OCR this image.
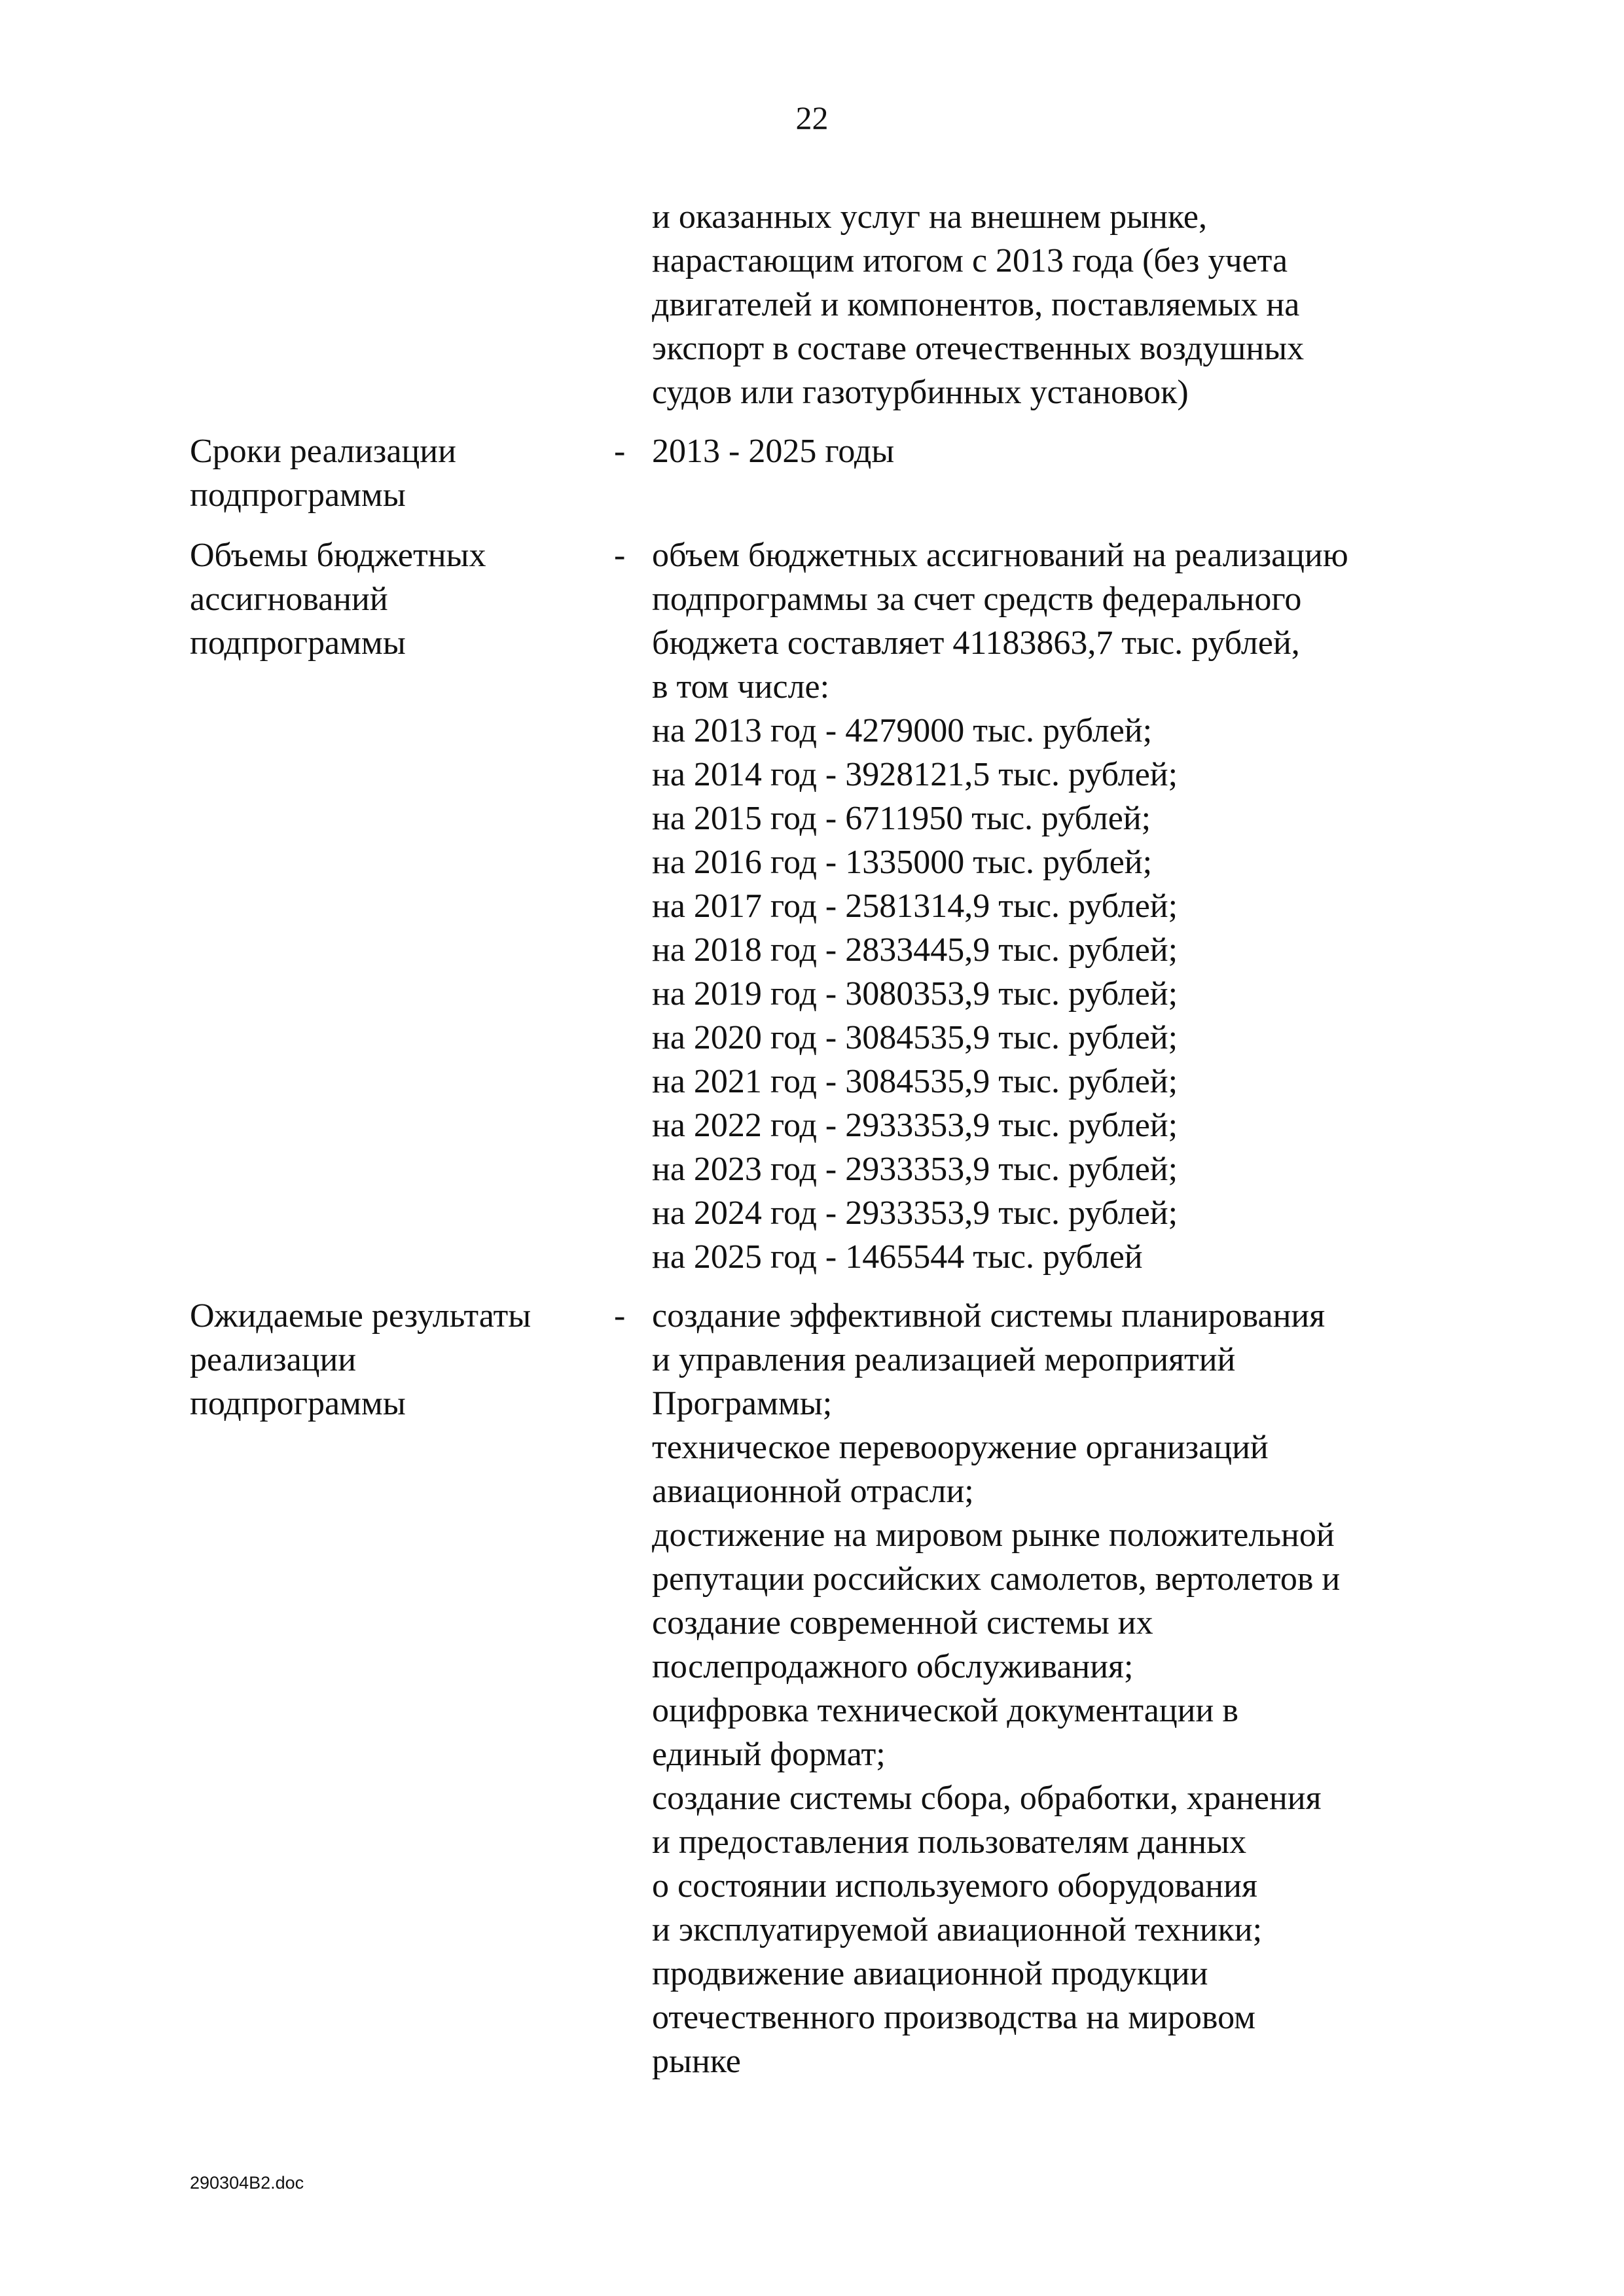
22
и оказанных услуг на внешнем рынке,
нарастающим итогом с 2013 года (без учета
двигателей и компонентов, поставляемых на
экспорт в составе отечественных воздушных
судов или газотурбинных установок)
Сроки реализации
подпрограммы
- 2013 - 2025 годы
Объемы бюджетных
ассигнований
подпрограммы
- объем бюджетных ассигнований на реализацию
подпрограммы за счет средств федерального
бюджета составляет 41183863,7 тыс. рублей,
в том числе:
на 2013 год - 4279000 тыс. рублей;
на 2014 год - 3928121,5 тыс. рублей;
на 2015 год - 6711950 тыс. рублей;
на 2016 год - 1335000 тыс. рублей;
на 2017 год - 2581314,9 тыс. рублей;
на 2018 год - 2833445,9 тыс. рублей;
на 2019 год - 3080353,9 тыс. рублей;
на 2020 год - 3084535,9 тыс. рублей;
на 2021 год - 3084535,9 тыс. рублей;
на 2022 год - 2933353,9 тыс. рублей;
на 2023 год - 2933353,9 тыс. рублей;
на 2024 год - 2933353,9 тыс. рублей;
на 2025 год - 1465544 тыс. рублей
Ожидаемые результаты
реализации
подпрограммы
- создание эффективной системы планирования
и управления реализацией мероприятий
Программы;
техническое перевооружение организаций
авиационной отрасли;
достижение на мировом рынке положительной
репутации российских самолетов, вертолетов и
создание современной системы их
послепродажного обслуживания;
оцифровка технической документации в
единый формат;
создание системы сбора, обработки, хранения
и предоставления пользователям данных
о состоянии используемого оборудования
и эксплуатируемой авиационной техники;
продвижение авиационной продукции
отечественного производства на мировом
рынке
290304B2.doc
